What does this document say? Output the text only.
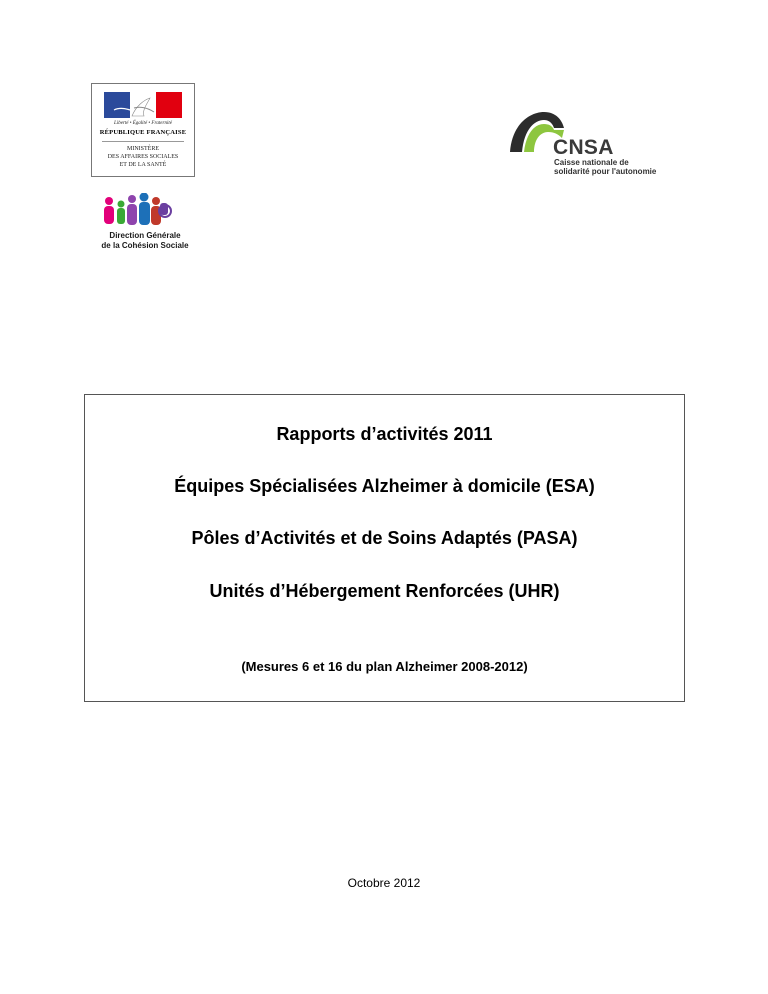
Liberté • Égalité • Fraternité
RÉPUBLIQUE FRANÇAISE
MINISTÈRE
DES AFFAIRES SOCIALES
ET DE LA SANTÉ
Direction Générale
de la Cohésion Sociale
CNSA
Caisse nationale de
solidarité pour l'autonomie
Rapports d’activités 2011
Équipes Spécialisées Alzheimer à domicile (ESA)
Pôles d’Activités et de Soins Adaptés (PASA)
Unités d’Hébergement Renforcées (UHR)
(Mesures 6 et 16 du plan Alzheimer 2008-2012)
Octobre 2012
